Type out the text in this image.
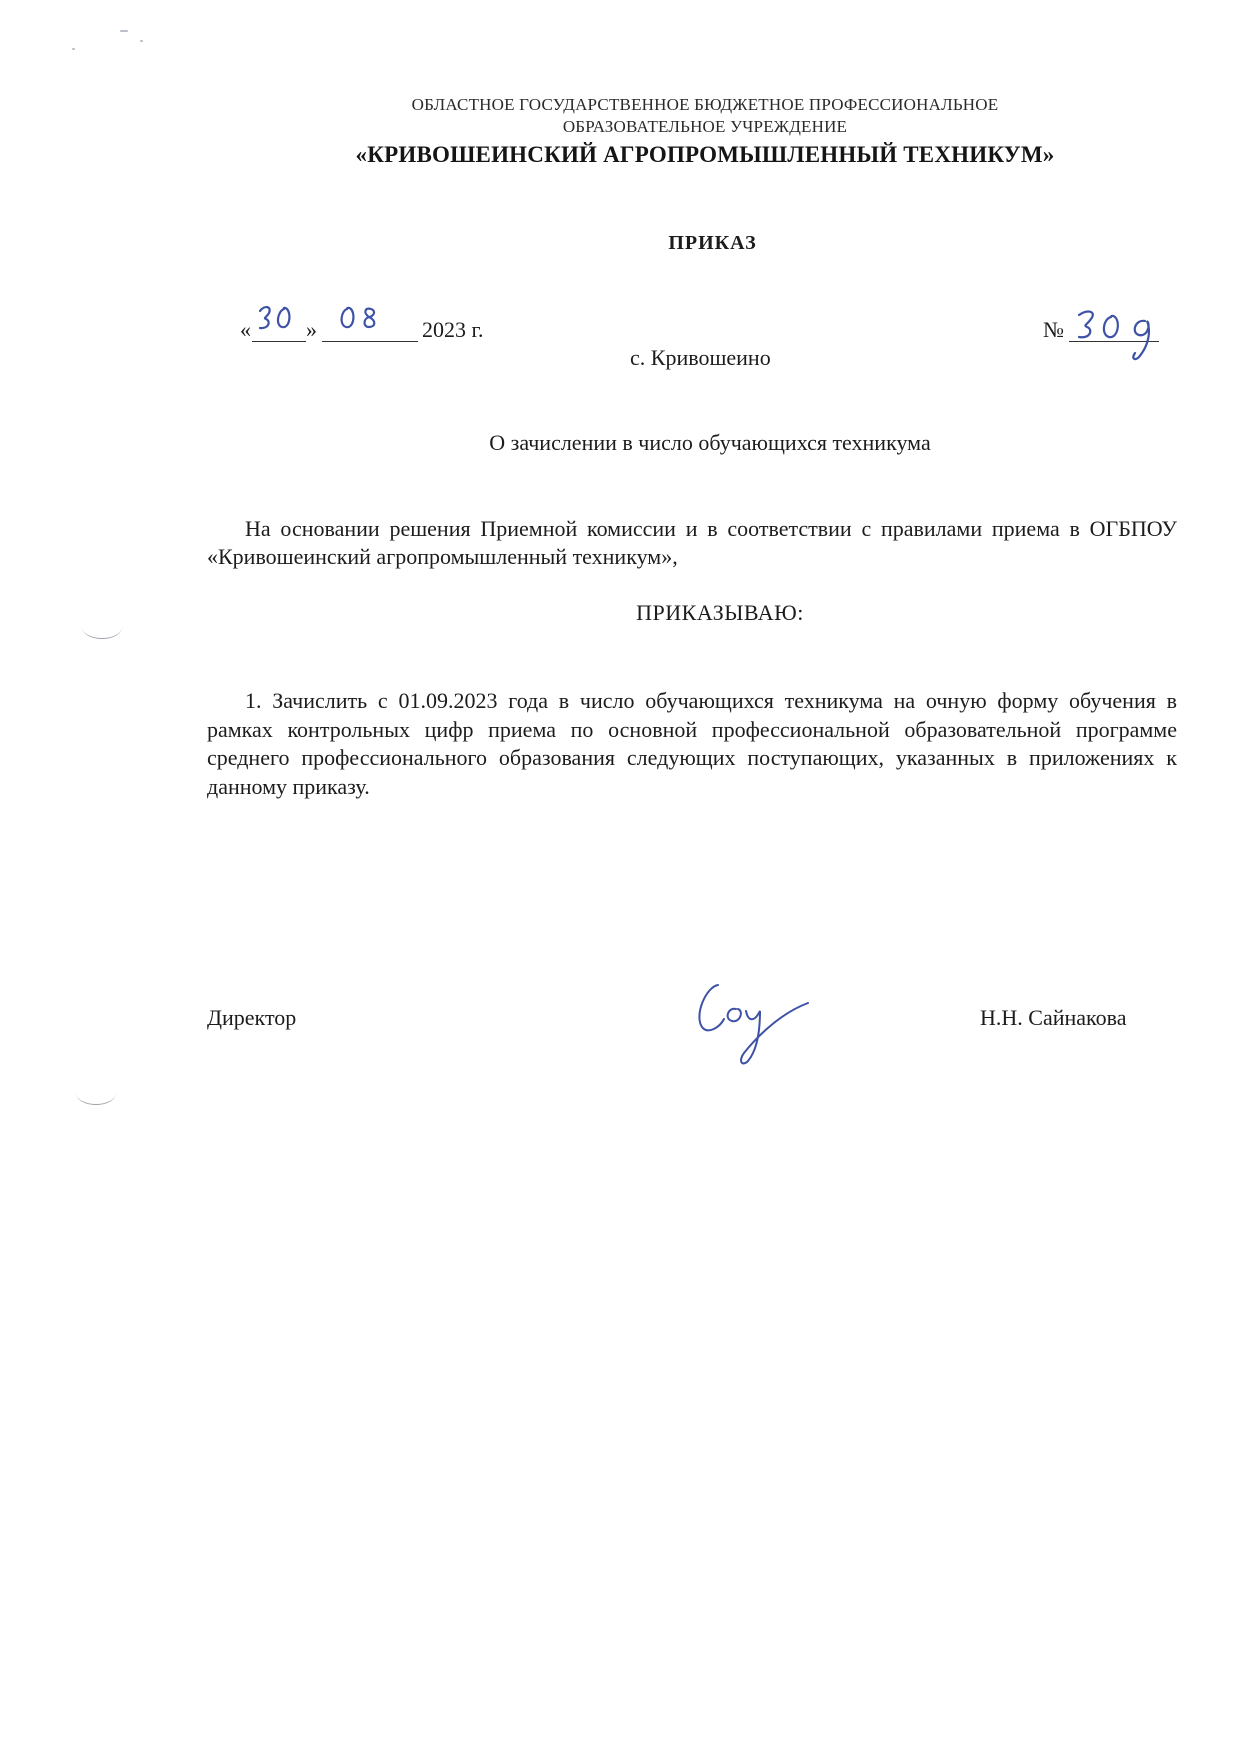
ОБЛАСТНОЕ ГОСУДАРСТВЕННОЕ БЮДЖЕТНОЕ ПРОФЕССИОНАЛЬНОЕ
ОБРАЗОВАТЕЛЬНОЕ УЧРЕЖДЕНИЕ
«КРИВОШЕИНСКИЙ АГРОПРОМЫШЛЕННЫЙ ТЕХНИКУМ»
ПРИКАЗ
«	»	2023 г.	№
с. Кривошеино
О зачислении в число обучающихся техникума
На основании решения Приемной комиссии и в соответствии с правилами приема в ОГБПОУ «Кривошеинский агропромышленный техникум»,
ПРИКАЗЫВАЮ:
1. Зачислить с 01.09.2023 года в число обучающихся техникума на очную форму обучения в рамках контрольных цифр приема по основной профессиональной образовательной программе среднего профессионального образования следующих поступающих, указанных в приложениях к данному приказу.
Директор	Н.Н. Сайнакова
